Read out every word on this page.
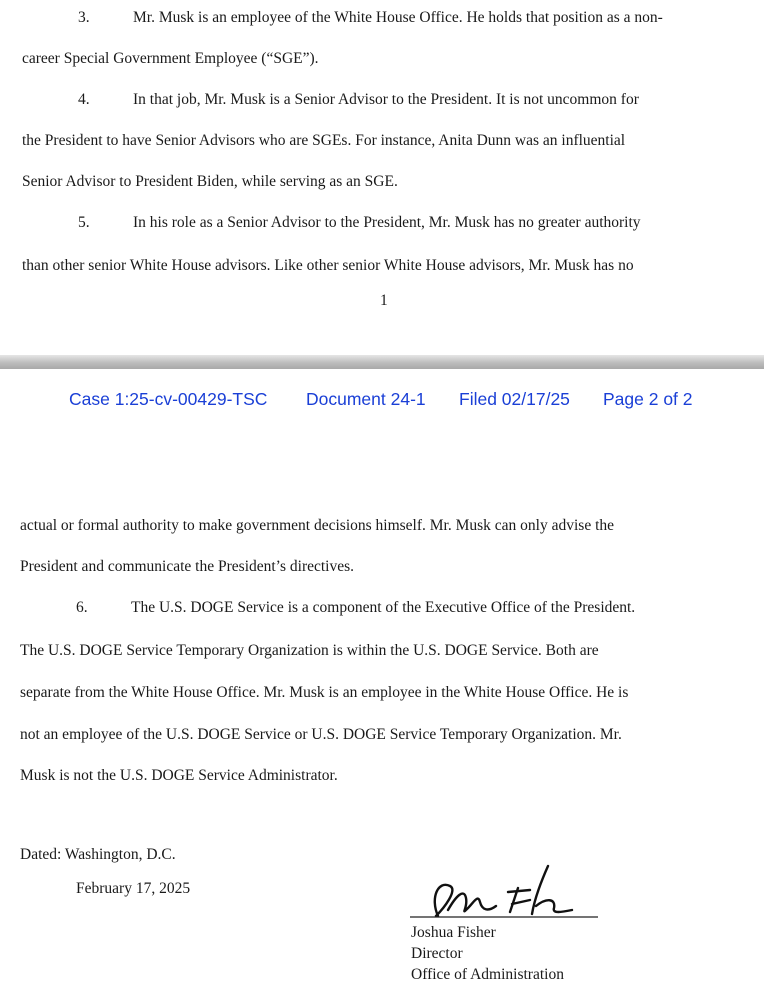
3.	Mr. Musk is an employee of the White House Office. He holds that position as a non-
career Special Government Employee (“SGE”).
4.	In that job, Mr. Musk is a Senior Advisor to the President. It is not uncommon for
the President to have Senior Advisors who are SGEs. For instance, Anita Dunn was an influential
Senior Advisor to President Biden, while serving as an SGE.
5.	In his role as a Senior Advisor to the President, Mr. Musk has no greater authority
than other senior White House advisors. Like other senior White House advisors, Mr. Musk has no
1
Case 1:25-cv-00429-TSC Document 24-1 Filed 02/17/25 Page 2 of 2
actual or formal authority to make government decisions himself. Mr. Musk can only advise the
President and communicate the President’s directives.
6.	The U.S. DOGE Service is a component of the Executive Office of the President.
The U.S. DOGE Service Temporary Organization is within the U.S. DOGE Service. Both are
separate from the White House Office. Mr. Musk is an employee in the White House Office. He is
not an employee of the U.S. DOGE Service or U.S. DOGE Service Temporary Organization. Mr.
Musk is not the U.S. DOGE Service Administrator.
Dated: Washington, D.C.
February 17, 2025
Joshua Fisher
Director
Office of Administration
